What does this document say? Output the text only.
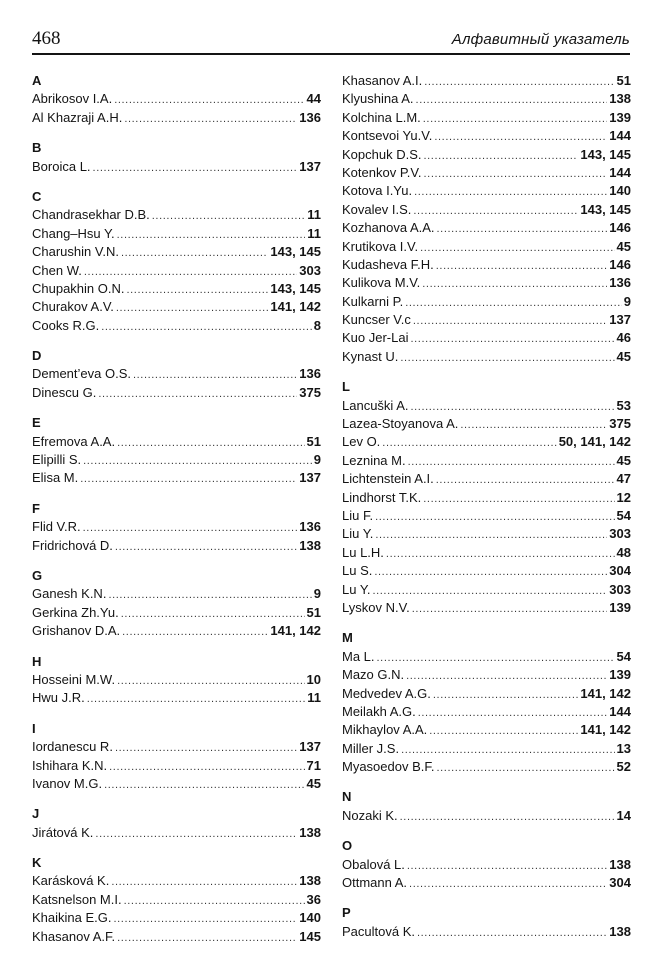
468	Алфавитный указатель
A
Abrikosov I.A. .....	44
Al Khazraji A.H. .....	136
B
Boroica L. .....	137
C
Chandrasekhar D.B. .....	11
Chang–Hsu Y. .....	11
Charushin V.N. .....	143, 145
Chen W. .....	303
Chupakhin O.N. .....	143, 145
Churakov A.V. .....	141, 142
Cooks R.G. .....	8
D
Dement’eva O.S. .....	136
Dinescu G. .....	375
E
Efremova A.A. .....	51
Elipilli S. .....	9
Elisa M. .....	137
F
Flid V.R. .....	136
Fridrichová D. .....	138
G
Ganesh K.N. .....	9
Gerkina Zh.Yu. .....	51
Grishanov D.A. .....	141, 142
H
Hosseini M.W. .....	10
Hwu J.R. .....	11
I
Iordanescu R. .....	137
Ishihara K.N. .....	71
Ivanov M.G. .....	45
J
Jirátová K. .....	138
K
Karásková K. .....	138
Katsnelson M.I. .....	36
Khaikina E.G. .....	140
Khasanov A.F. .....	145
Khasanov A.I. .....	51
Klyushina A. .....	138
Kolchina L.M. .....	139
Kontsevoi Yu.V. .....	144
Kopchuk D.S. .....	143, 145
Kotenkov P.V. .....	144
Kotova I.Yu. .....	140
Kovalev I.S. .....	143, 145
Kozhanova A.A. .....	146
Krutikova I.V. .....	45
Kudasheva F.H. .....	146
Kulikova M.V. .....	136
Kulkarni P. .....	9
Kuncser V.c .....	137
Kuo Jer-Lai .....	46
Kynast U. .....	45
L
Lancuški A. .....	53
Lazea-Stoyanova A. .....	375
Lev O. .....	50, 141, 142
Leznina M. .....	45
Lichtenstein A.I. .....	47
Lindhorst T.K. .....	12
Liu F. .....	54
Liu Y. .....	303
Lu L.H. .....	48
Lu S. .....	304
Lu Y. .....	303
Lyskov N.V. .....	139
M
Ma L. .....	54
Mazo G.N. .....	139
Medvedev A.G. .....	141, 142
Meilakh A.G. .....	144
Mikhaylov A.A. .....	141, 142
Miller J.S. .....	13
Myasoedov B.F. .....	52
N
Nozaki K. .....	14
O
Obalová L. .....	138
Ottmann A. .....	304
P
Pacultová K. .....	138
